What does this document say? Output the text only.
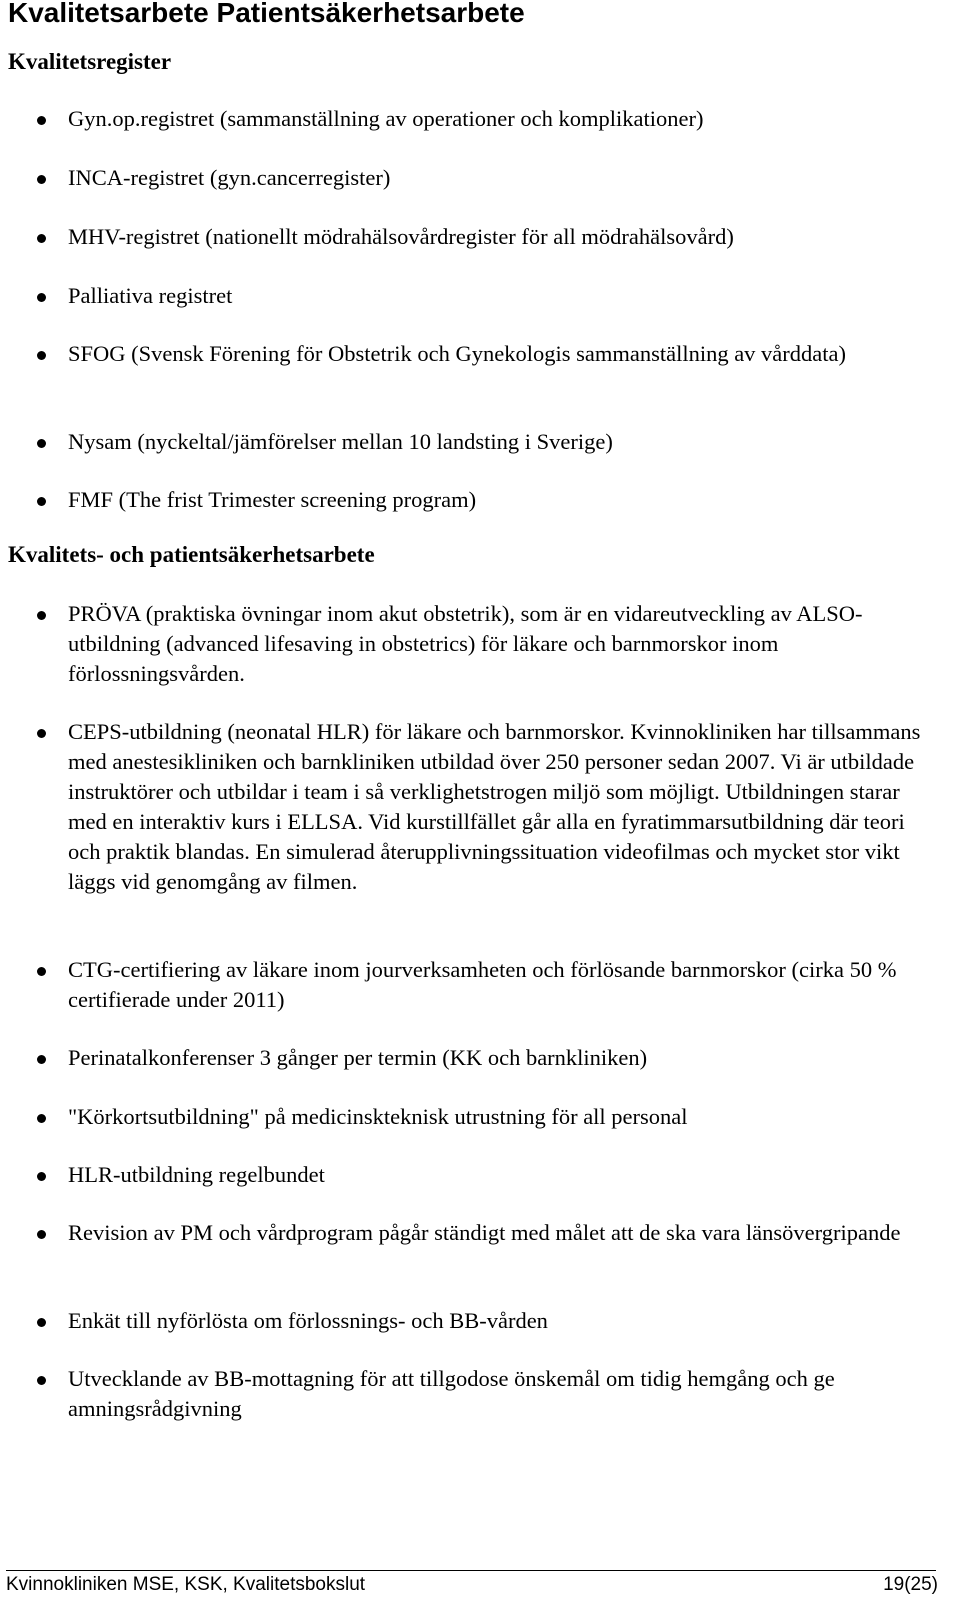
Kvalitetsarbete Patientsäkerhetsarbete
Kvalitetsregister

Gyn.op.registret (sammanställning av operationer och komplikationer)

INCA-registret (gyn.cancerregister)

MHV-registret (nationellt mödrahälsovårdregister för all mödrahälsovård)

Palliativa registret

SFOG (Svensk Förening för Obstetrik och Gynekologis sammanställning av vårddata)

Nysam (nyckeltal/jämförelser mellan 10 landsting i Sverige)

FMF (The frist Trimester screening program)

Kvalitets- och patientsäkerhetsarbete

PRÖVA (praktiska övningar inom akut obstetrik), som är en vidareutveckling av ALSO-utbildning (advanced lifesaving in obstetrics) för läkare och barnmorskor inom förlossningsvården.

CEPS-utbildning (neonatal HLR) för läkare och barnmorskor. Kvinnokliniken har tillsammans med anestesikliniken och barnkliniken utbildad över 250 personer sedan 2007. Vi är utbildade instruktörer och utbildar i team i så verklighetstrogen miljö som möjligt. Utbildningen starar med en interaktiv kurs i ELLSA. Vid kurstillfället går alla en fyratimmarsutbildning där teori och praktik blandas. En simulerad återupplivningssituation videofilmas och mycket stor vikt läggs vid genomgång av filmen.

CTG-certifiering av läkare inom jourverksamheten och förlösande barnmorskor (cirka 50 % certifierade under 2011)

Perinatalkonferenser 3 gånger per termin (KK och barnkliniken)

"Körkortsutbildning" på medicinskteknisk utrustning för all personal

HLR-utbildning regelbundet

Revision av PM och vårdprogram pågår ständigt med målet att de ska vara länsövergripande

Enkät till nyförlösta om förlossnings- och BB-vården

Utvecklande av BB-mottagning för att tillgodose önskemål om tidig hemgång och ge amningsrådgivning

Kvinnokliniken MSE, KSK, Kvalitetsbokslut	19(25)
